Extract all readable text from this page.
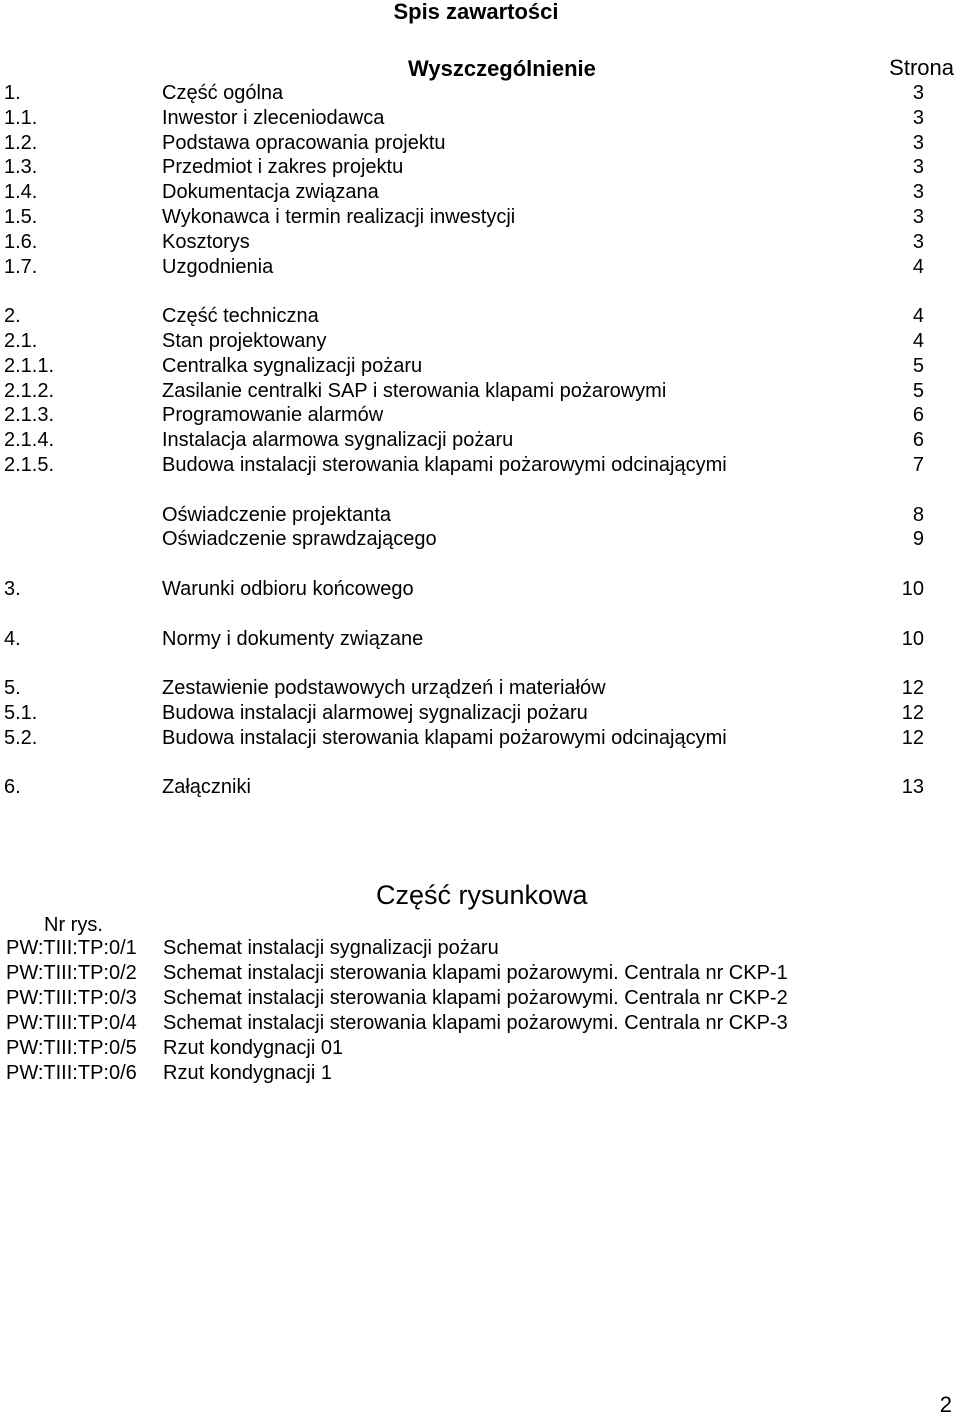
Spis zawartości
Wyszczególnienie	Strona
1.	Część ogólna	3
1.1.	Inwestor i zleceniodawca	3
1.2.	Podstawa opracowania projektu	3
1.3.	Przedmiot i zakres projektu	3
1.4.	Dokumentacja związana	3
1.5.	Wykonawca i termin realizacji inwestycji	3
1.6.	Kosztorys	3
1.7.	Uzgodnienia	4
2.	Część techniczna	4
2.1.	Stan projektowany	4
2.1.1.	Centralka sygnalizacji pożaru	5
2.1.2.	Zasilanie centralki SAP i sterowania klapami pożarowymi	5
2.1.3.	Programowanie alarmów	6
2.1.4.	Instalacja alarmowa sygnalizacji pożaru	6
2.1.5.	Budowa instalacji sterowania klapami pożarowymi odcinającymi	7
Oświadczenie projektanta	8
Oświadczenie sprawdzającego	9
3.	Warunki odbioru końcowego	10
4.	Normy i dokumenty związane	10
5.	Zestawienie podstawowych urządzeń i materiałów	12
5.1.	Budowa instalacji alarmowej sygnalizacji pożaru	12
5.2.	Budowa instalacji sterowania klapami pożarowymi odcinającymi	12
6.	Załączniki	13
Część rysunkowa
Nr rys.
PW:TIII:TP:0/1 Schemat instalacji sygnalizacji pożaru
PW:TIII:TP:0/2 Schemat instalacji sterowania klapami pożarowymi. Centrala nr CKP-1
PW:TIII:TP:0/3 Schemat instalacji sterowania klapami pożarowymi. Centrala nr CKP-2
PW:TIII:TP:0/4 Schemat instalacji sterowania klapami pożarowymi. Centrala nr CKP-3
PW:TIII:TP:0/5 Rzut kondygnacji 01
PW:TIII:TP:0/6 Rzut kondygnacji 1
2
